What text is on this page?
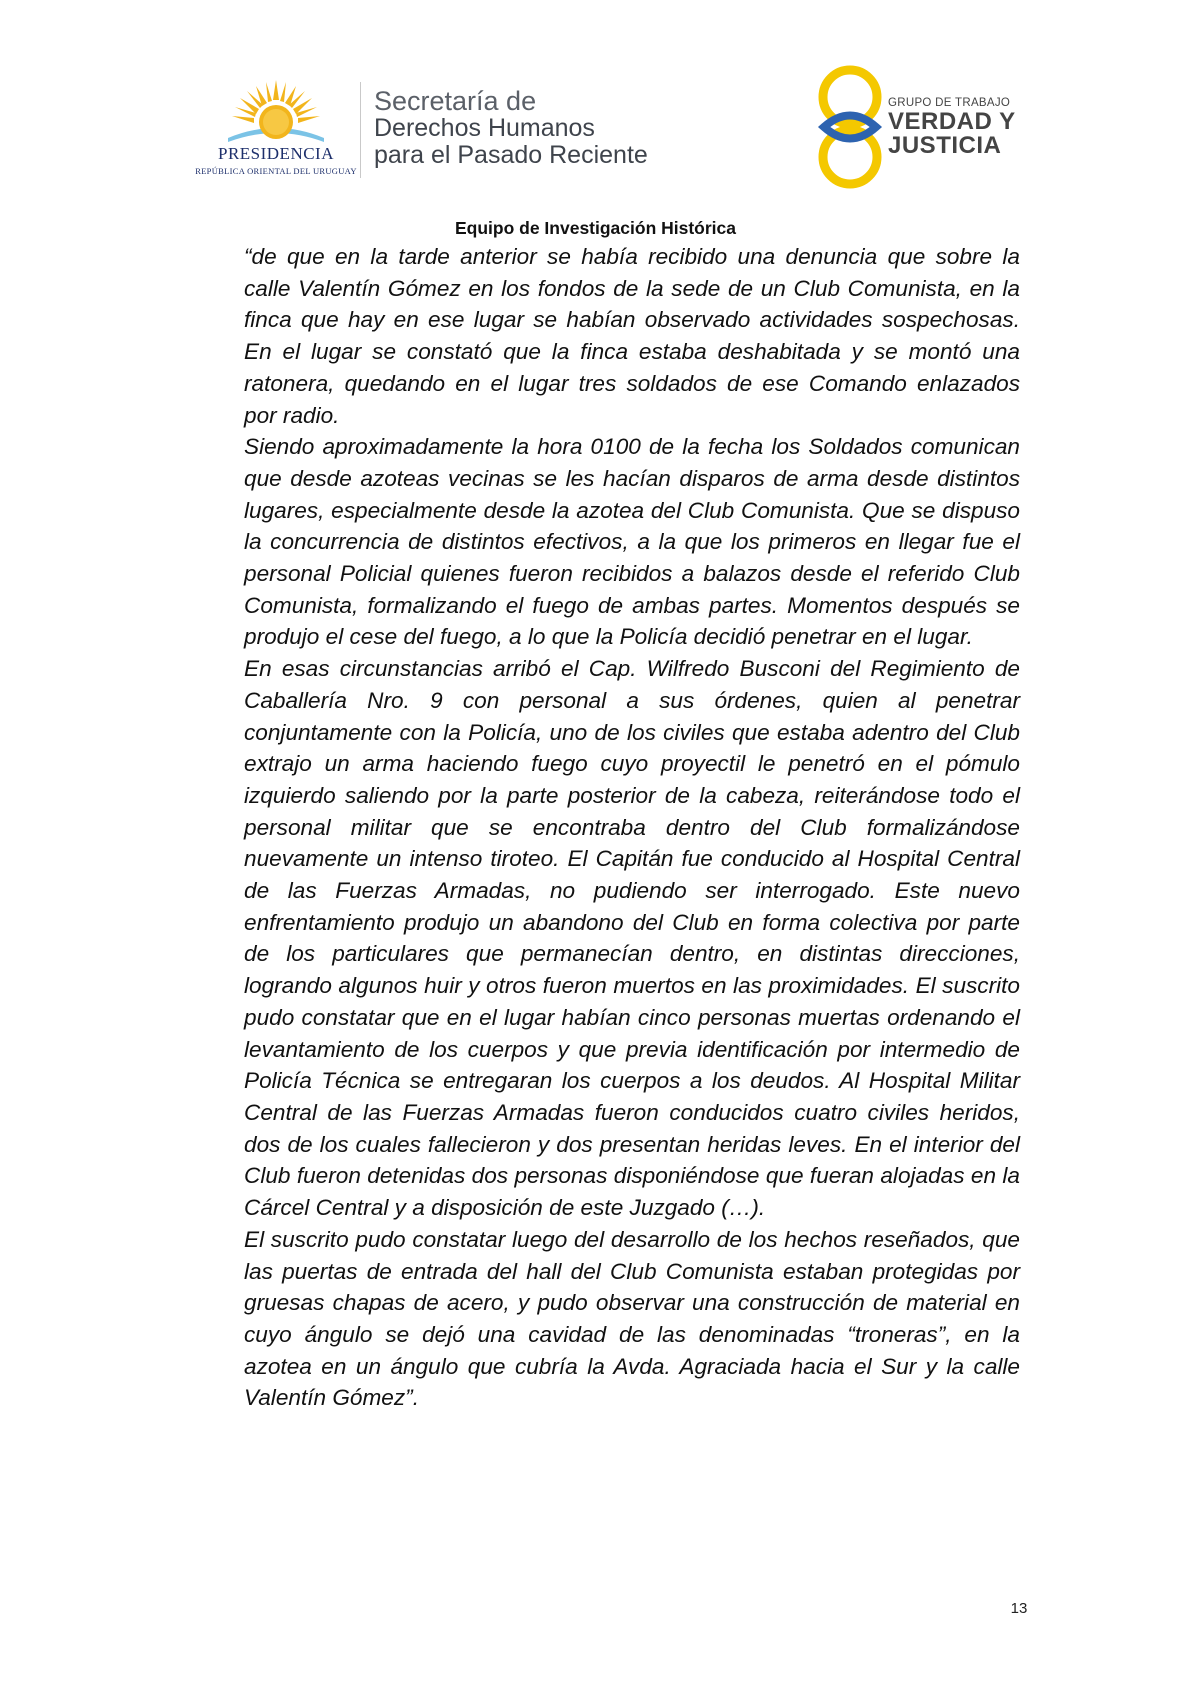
PRESIDENCIA
REPÚBLICA ORIENTAL DEL URUGUAY
Secretaría de
Derechos Humanos
para el Pasado Reciente
GRUPO DE TRABAJO
VERDAD Y
JUSTICIA
Equipo de Investigación Histórica

“de que en la tarde anterior se había recibido una denuncia que sobre la calle Valentín Gómez en los fondos de la sede de un Club Comunista, en la finca que hay en ese lugar se habían observado actividades sospechosas. En el lugar se constató que la finca estaba deshabitada y se montó una ratonera, quedando en el lugar tres soldados de ese Comando enlazados por radio.

Siendo aproximadamente la hora 0100 de la fecha los Soldados comunican que desde azoteas vecinas se les hacían disparos de arma desde distintos lugares, especialmente desde la azotea del Club Comunista. Que se dispuso la concurrencia de distintos efectivos, a la que los primeros en llegar fue el personal Policial quienes fueron recibidos a balazos desde el referido Club Comunista, formalizando el fuego de ambas partes. Momentos después se produjo el cese del fuego, a lo que la Policía decidió penetrar en el lugar.

En esas circunstancias arribó el Cap. Wilfredo Busconi del Regimiento de Caballería Nro. 9 con personal a sus órdenes, quien al penetrar conjuntamente con la Policía, uno de los civiles que estaba adentro del Club extrajo un arma haciendo fuego cuyo proyectil le penetró en el pómulo izquierdo saliendo por la parte posterior de la cabeza, reiterándose todo el personal militar que se encontraba dentro del Club formalizándose nuevamente un intenso tiroteo. El Capitán fue conducido al Hospital Central de las Fuerzas Armadas, no pudiendo ser interrogado. Este nuevo enfrentamiento produjo un abandono del Club en forma colectiva por parte de los particulares que permanecían dentro, en distintas direcciones, logrando algunos huir y otros fueron muertos en las proximidades. El suscrito pudo constatar que en el lugar habían cinco personas muertas ordenando el levantamiento de los cuerpos y que previa identificación por intermedio de Policía Técnica se entregaran los cuerpos a los deudos. Al Hospital Militar Central de las Fuerzas Armadas fueron conducidos cuatro civiles heridos, dos de los cuales fallecieron y dos presentan heridas leves. En el interior del Club fueron detenidas dos personas disponiéndose que fueran alojadas en la Cárcel Central y a disposición de este Juzgado (…).

El suscrito pudo constatar luego del desarrollo de los hechos reseñados, que las puertas de entrada del hall del Club Comunista estaban protegidas por gruesas chapas de acero, y pudo observar una construcción de material en cuyo ángulo se dejó una cavidad de las denominadas “troneras”, en la azotea en un ángulo que cubría la Avda. Agraciada hacia el Sur y la calle Valentín Gómez”.

13
